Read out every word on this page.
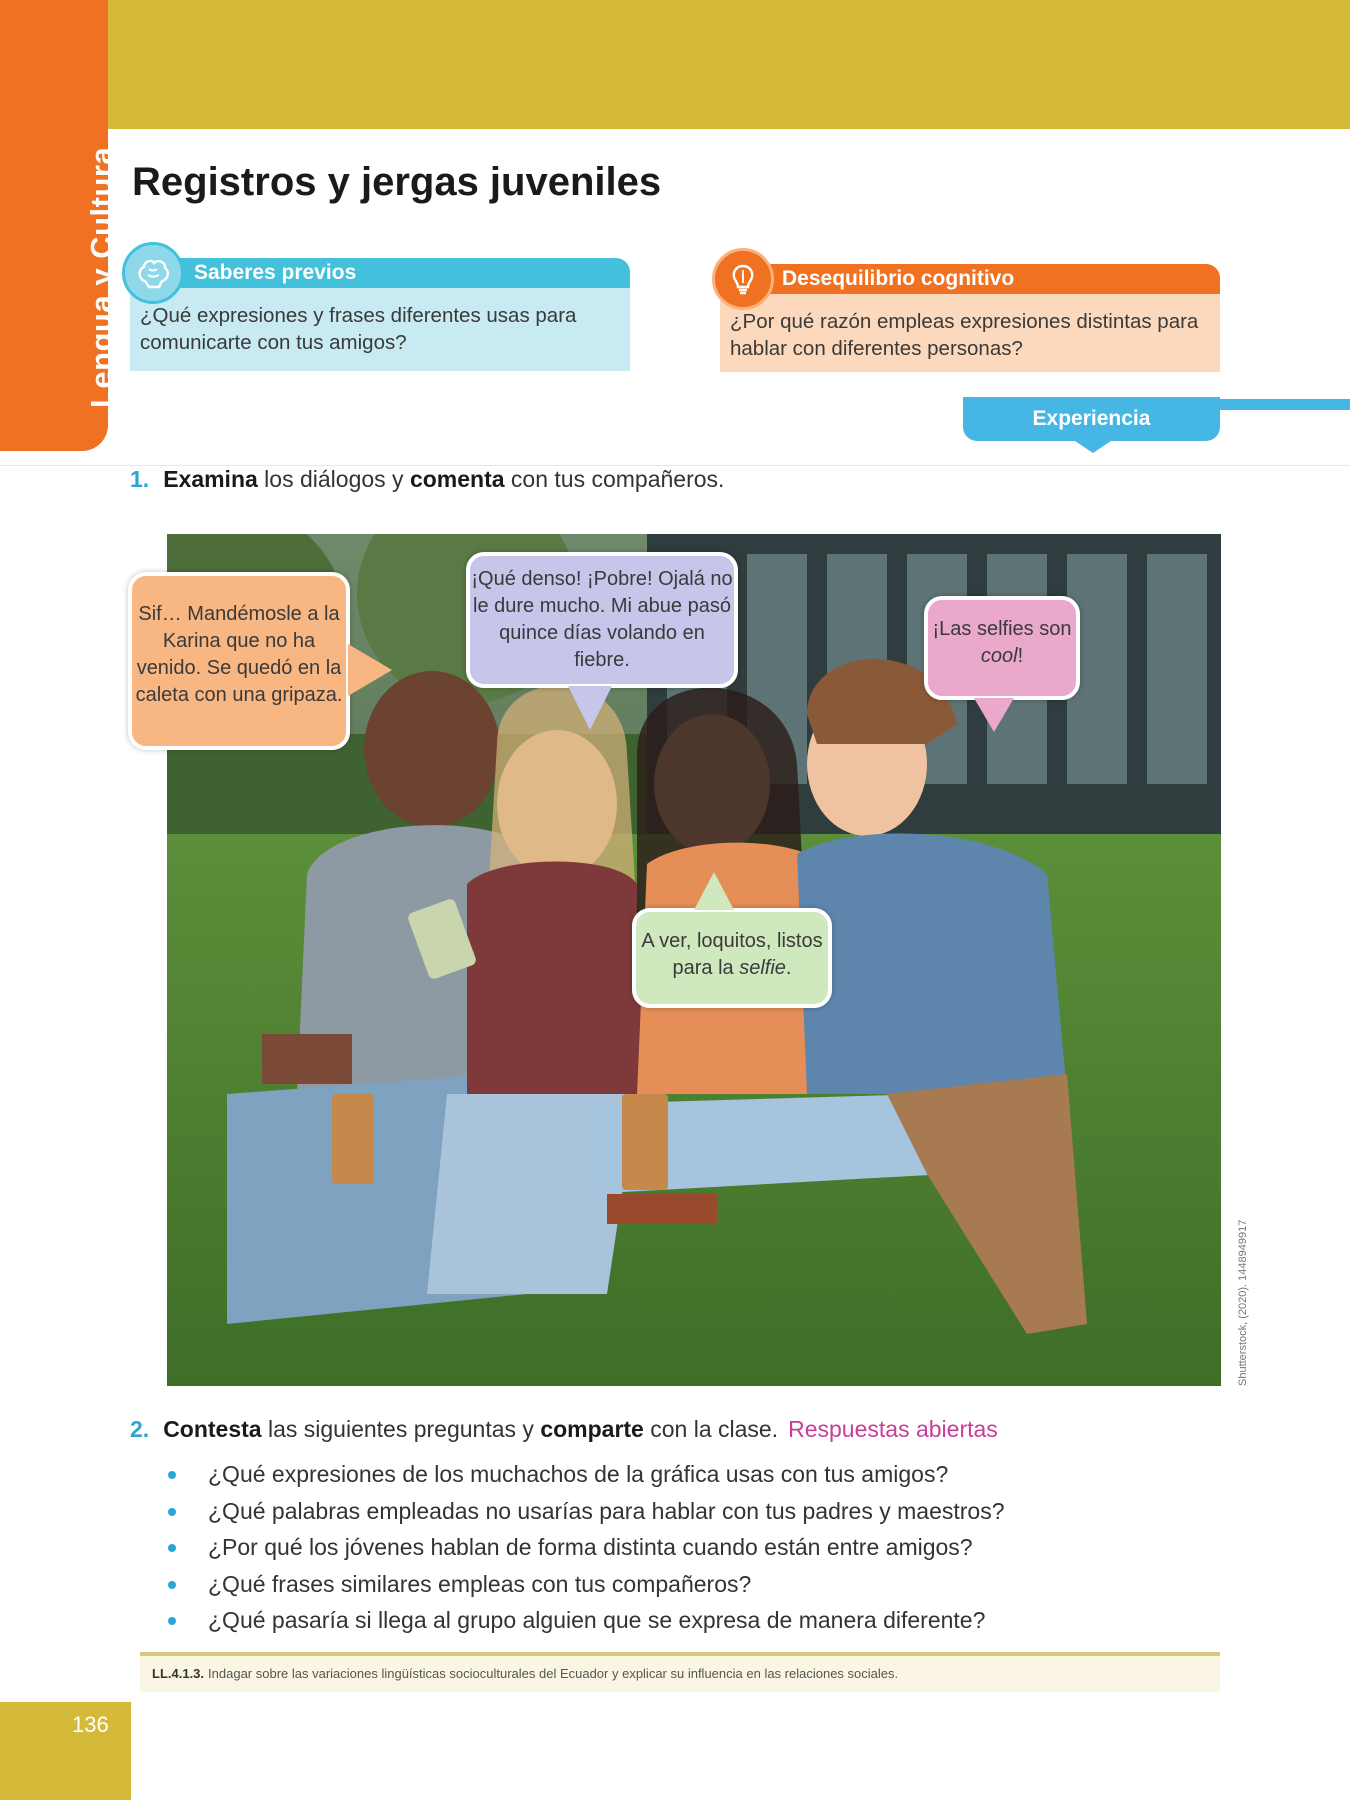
Lengua y Cultura Registros y jergas juveniles
Saberes previos
¿Qué expresiones y frases diferentes usas para comunicarte con tus amigos?
Desequilibrio cognitivo
¿Por qué razón empleas expresiones distintas para hablar con diferentes personas?
Experiencia
1. Examina los diálogos y comenta con tus compañeros.
Sif… Mandémosle a la Karina que no ha venido. Se quedó en la caleta con una gripaza.
¡Qué denso! ¡Pobre! Ojalá no le dure mucho. Mi abue pasó quince días volando en fiebre.
¡Las selfies son cool!
A ver, loquitos, listos para la selfie.
Shutterstock, (2020). 1448949917
2. Contesta las siguientes preguntas y comparte con la clase. Respuestas abiertas
¿Qué expresiones de los muchachos de la gráfica usas con tus amigos?
¿Qué palabras empleadas no usarías para hablar con tus padres y maestros?
¿Por qué los jóvenes hablan de forma distinta cuando están entre amigos?
¿Qué frases similares empleas con tus compañeros?
¿Qué pasaría si llega al grupo alguien que se expresa de manera diferente?
LL.4.1.3. Indagar sobre las variaciones lingüísticas socioculturales del Ecuador y explicar su influencia en las relaciones sociales.
136
